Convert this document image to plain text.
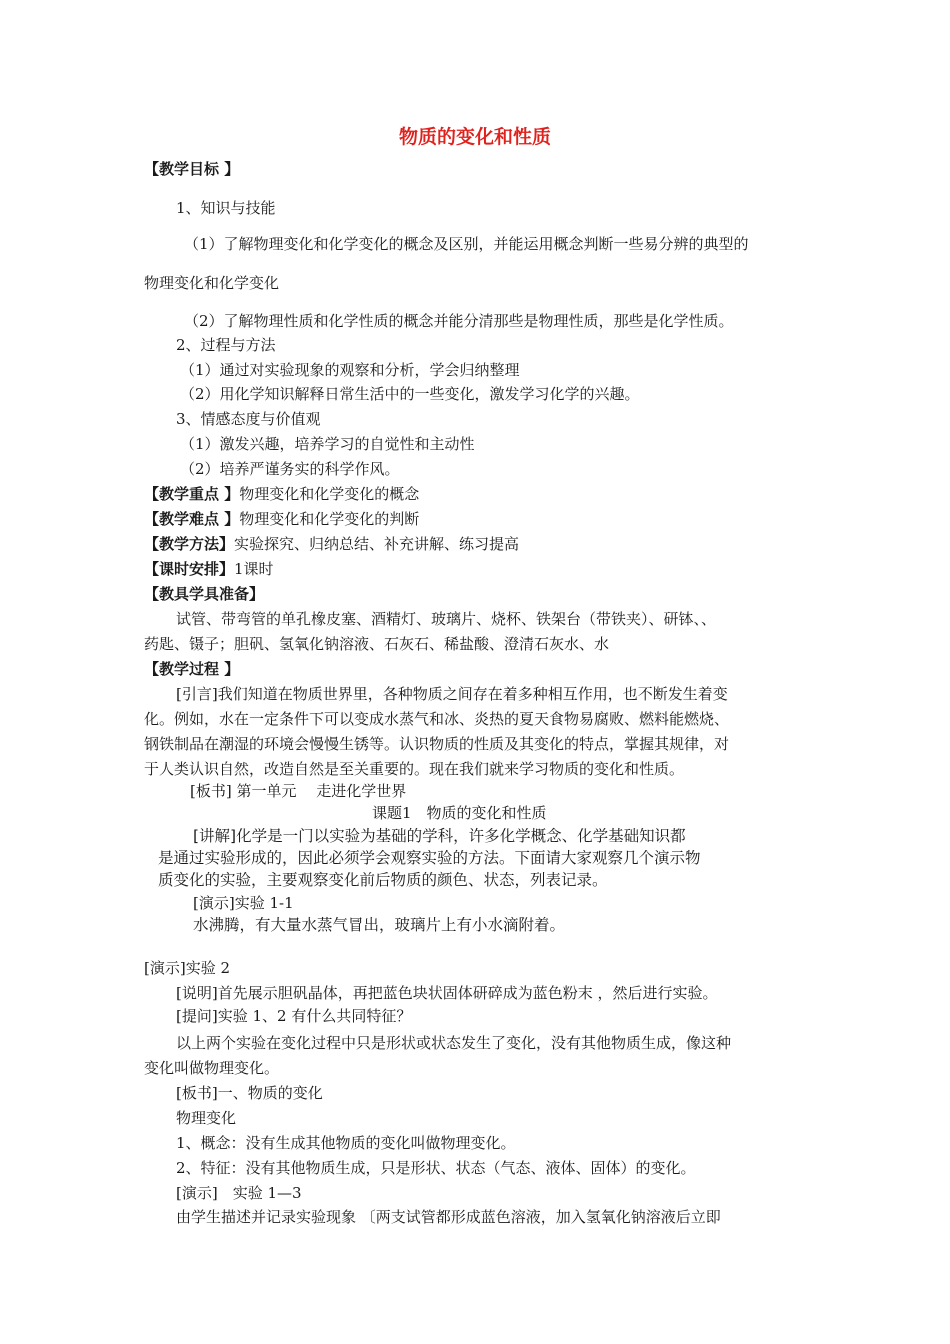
物质的变化和性质
【教学目标 】
1、知识与技能
（1）了解物理变化和化学变化的概念及区别，并能运用概念判断一些易分辨的典型的
物理变化和化学变化
（2）了解物理性质和化学性质的概念并能分清那些是物理性质，那些是化学性质。
2、过程与方法
（1）通过对实验现象的观察和分析，学会归纳整理
（2）用化学知识解释日常生活中的一些变化，激发学习化学的兴趣。
3、情感态度与价值观
（1）激发兴趣，培养学习的自觉性和主动性
（2）培养严谨务实的科学作风。
【教学重点 】物理变化和化学变化的概念
【教学难点 】物理变化和化学变化的判断
【教学方法】实验探究、归纳总结、补充讲解、练习提高
【课时安排】1课时
【教具学具准备】
试管、带弯管的单孔橡皮塞、酒精灯、玻璃片、烧杯、铁架台（带铁夹）、研钵、、
药匙、镊子；胆矾、氢氧化钠溶液、石灰石、稀盐酸、澄清石灰水、水
【教学过程 】
[引言]我们知道在物质世界里，各种物质之间存在着多种相互作用，也不断发生着变
化。例如，水在一定条件下可以变成水蒸气和冰、炎热的夏天食物易腐败、燃料能燃烧、
钢铁制品在潮湿的环境会慢慢生锈等。认识物质的性质及其变化的特点，掌握其规律，对
于人类认识自然，改造自然是至关重要的。现在我们就来学习物质的变化和性质。
[板书] 第一单元　 走进化学世界
课题1　物质的变化和性质
[讲解]化学是一门以实验为基础的学科，许多化学概念、化学基础知识都
是通过实验形成的，因此必须学会观察实验的方法。下面请大家观察几个演示物
质变化的实验，主要观察变化前后物质的颜色、状态，列表记录。
[演示]实验 1-1
水沸腾，有大量水蒸气冒出，玻璃片上有小水滴附着。
[演示]实验 2
[说明]首先展示胆矾晶体，再把蓝色块状固体研碎成为蓝色粉末 ，然后进行实验。
[提问]实验 1、2 有什么共同特征？
以上两个实验在变化过程中只是形状或状态发生了变化，没有其他物质生成，像这种
变化叫做物理变化。
[板书]一、物质的变化
物理变化
1、概念：没有生成其他物质的变化叫做物理变化。
2、特征：没有其他物质生成，只是形状、状态（气态、液体、固体）的变化。
[演示]　实验 1—3
由学生描述并记录实验现象 〔两支试管都形成蓝色溶液，加入氢氧化钠溶液后立即
